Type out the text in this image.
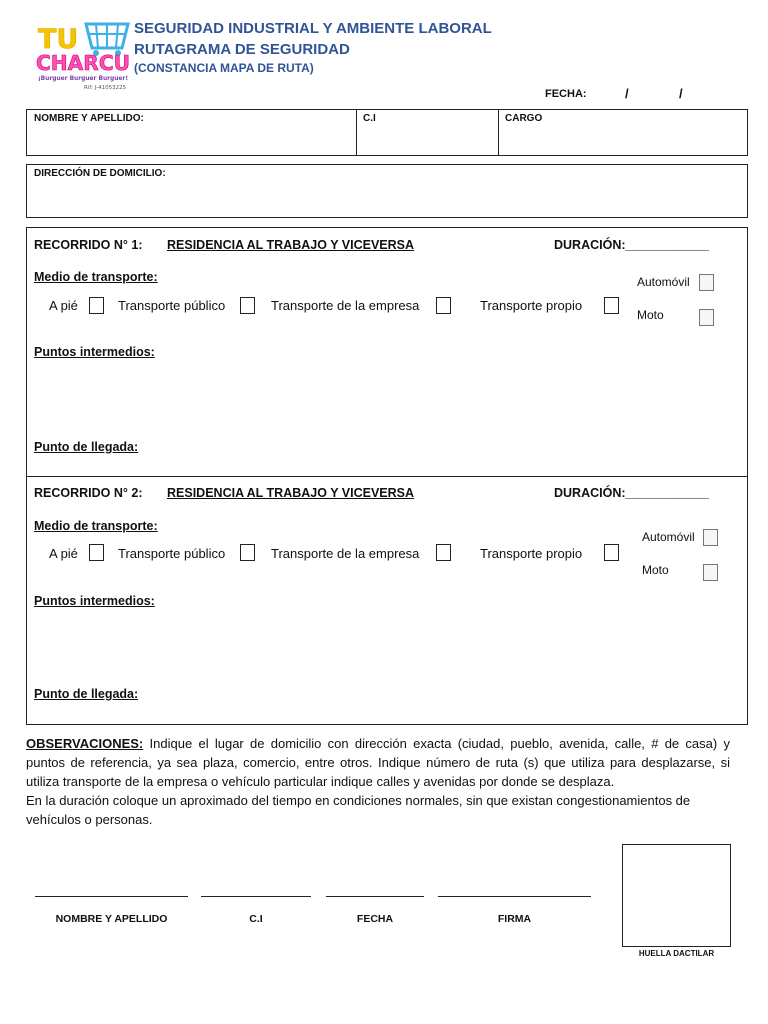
TU
CHARCU
¡Burguer Burguer Burguer!
Rif: J-41053225
SEGURIDAD INDUSTRIAL Y AMBIENTE LABORAL
RUTAGRAMA DE SEGURIDAD
(CONSTANCIA MAPA DE RUTA)
FECHA:	/	/
NOMBRE Y APELLIDO:	C.I	CARGO
DIRECCIÓN DE DOMICILIO:
RECORRIDO N° 1: RESIDENCIA AL TRABAJO Y VICEVERSA	DURACIÓN:____________
Medio de transporte:
A pié	Transporte público	Transporte de la empresa	Transporte propio
Automóvil
Moto
Puntos intermedios:
Punto de llegada:
RECORRIDO N° 2: RESIDENCIA AL TRABAJO Y VICEVERSA	DURACIÓN:____________
Medio de transporte:
A pié	Transporte público	Transporte de la empresa	Transporte propio
Automóvil
Moto
Puntos intermedios:
Punto de llegada:
OBSERVACIONES: Indique el lugar de domicilio con dirección exacta (ciudad, pueblo, avenida, calle, # de casa) y puntos de referencia, ya sea plaza, comercio, entre otros. Indique número de ruta (s) que utiliza para desplazarse, si utiliza transporte de la empresa o vehículo particular indique calles y avenidas por donde se desplaza.
En la duración coloque un aproximado del tiempo en condiciones normales, sin que existan congestionamientos de vehículos o personas.
NOMBRE Y APELLIDO	C.I	FECHA	FIRMA
HUELLA DACTILAR
